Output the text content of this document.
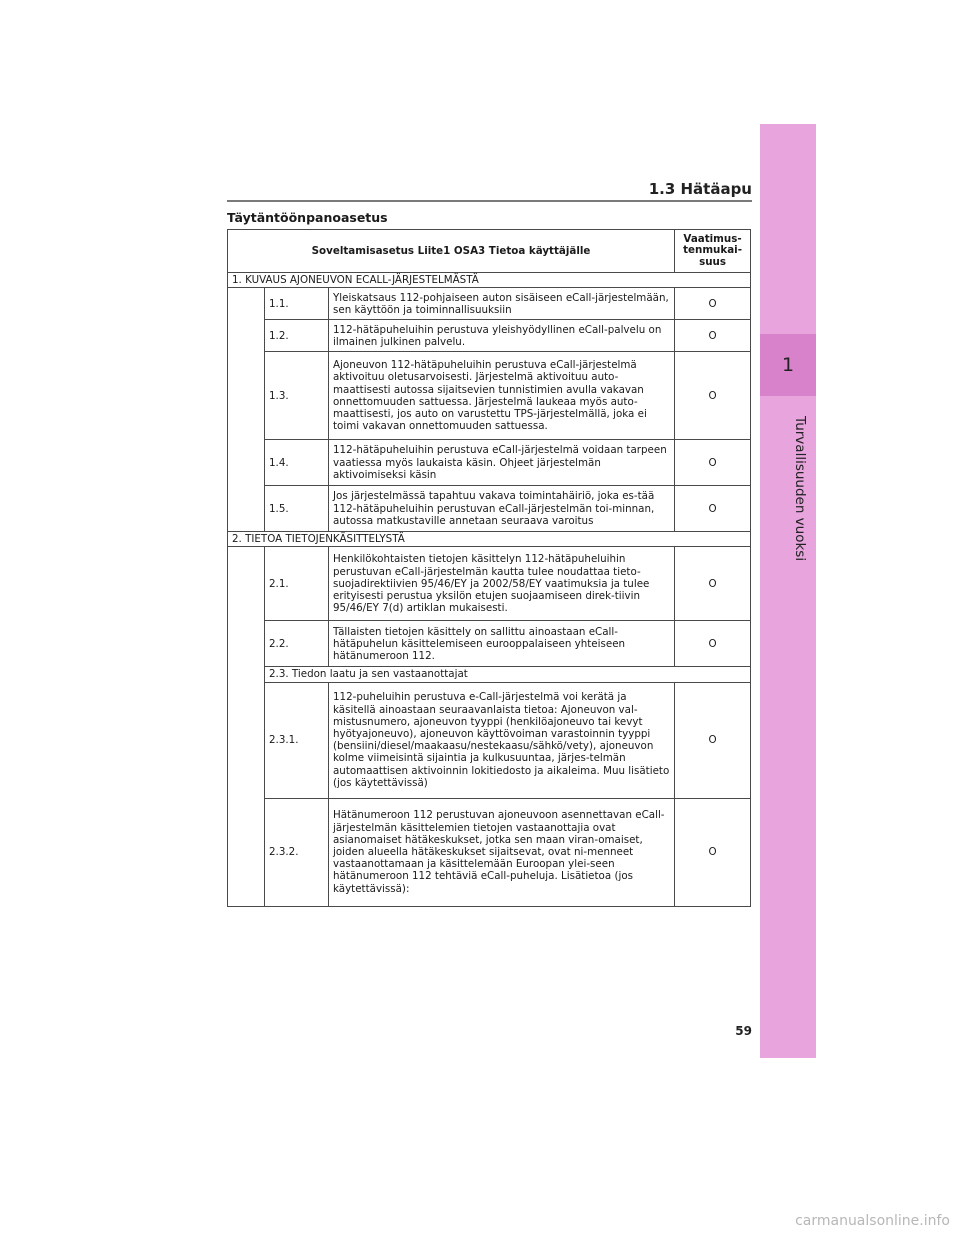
1
Turvallisuuden vuoksi
1.3 Hätäapu
Täytäntöönpanoasetus
Soveltamisasetus Liite1 OSA3 Tietoa käyttäjälle			Vaatimus-
tenmukai-
suus
1. KUVAUS AJONEUVON ECALL-JÄRJESTELMÄSTÄ			
	1.1.	Yleiskatsaus 112-pohjaiseen auton sisäiseen eCall-järjestelmään, sen käyttöön ja toiminnallisuuksiin	O
	1.2.	112-hätäpuheluihin perustuva yleishyödyllinen eCall-palvelu on ilmainen julkinen palvelu.	O
	1.3.	Ajoneuvon 112-hätäpuheluihin perustuva eCall-järjestelmä aktivoituu oletusarvoisesti. Järjestelmä aktivoituu auto-maattisesti autossa sijaitsevien tunnistimien avulla vakavan onnettomuuden sattuessa. Järjestelmä laukeaa myös auto-maattisesti, jos auto on varustettu TPS-järjestelmällä, joka ei toimi vakavan onnettomuuden sattuessa.	O
	1.4.	112-hätäpuheluihin perustuva eCall-järjestelmä voidaan tarpeen vaatiessa myös laukaista käsin. Ohjeet järjestelmän aktivoimiseksi käsin	O
	1.5.	Jos järjestelmässä tapahtuu vakava toimintahäiriö, joka es-tää 112-hätäpuheluihin perustuvan eCall-järjestelmän toi-minnan, autossa matkustaville annetaan seuraava varoitus	O
2. TIETOA TIETOJENKÄSITTELYSTÄ			
	2.1.	Henkilökohtaisten tietojen käsittelyn 112-hätäpuheluihin perustuvan eCall-järjestelmän kautta tulee noudattaa tieto-suojadirektiivien 95/46/EY ja 2002/58/EY vaatimuksia ja tulee erityisesti perustua yksilön etujen suojaamiseen direk-tiivin 95/46/EY 7(d) artiklan mukaisesti.	O
	2.2.	Tällaisten tietojen käsittely on sallittu ainoastaan eCall-hätäpuhelun käsittelemiseen eurooppalaiseen yhteiseen hätänumeroon 112.	O
	2.3. Tiedon laatu ja sen vastaanottajat		
	2.3.1.	112-puheluihin perustuva e-Call-järjestelmä voi kerätä ja käsitellä ainoastaan seuraavanlaista tietoa: Ajoneuvon val-mistusnumero, ajoneuvon tyyppi (henkilöajoneuvo tai kevyt hyötyajoneuvo), ajoneuvon käyttövoiman varastoinnin tyyppi (bensiini/diesel/maakaasu/nestekaasu/sähkö/vety), ajoneuvon kolme viimeisintä sijaintia ja kulkusuuntaa, järjes-telmän automaattisen aktivoinnin lokitiedosto ja aikaleima. Muu lisätieto (jos käytettävissä)	O
	2.3.2.	Hätänumeroon 112 perustuvan ajoneuvoon asennettavan eCall-järjestelmän käsittelemien tietojen vastaanottajia ovat asianomaiset hätäkeskukset, jotka sen maan viran-omaiset, joiden alueella hätäkeskukset sijaitsevat, ovat ni-menneet vastaanottamaan ja käsittelemään Euroopan ylei-seen hätänumeroon 112 tehtäviä eCall-puheluja. Lisätietoa (jos käytettävissä):	O
59
carmanualsonline.info
